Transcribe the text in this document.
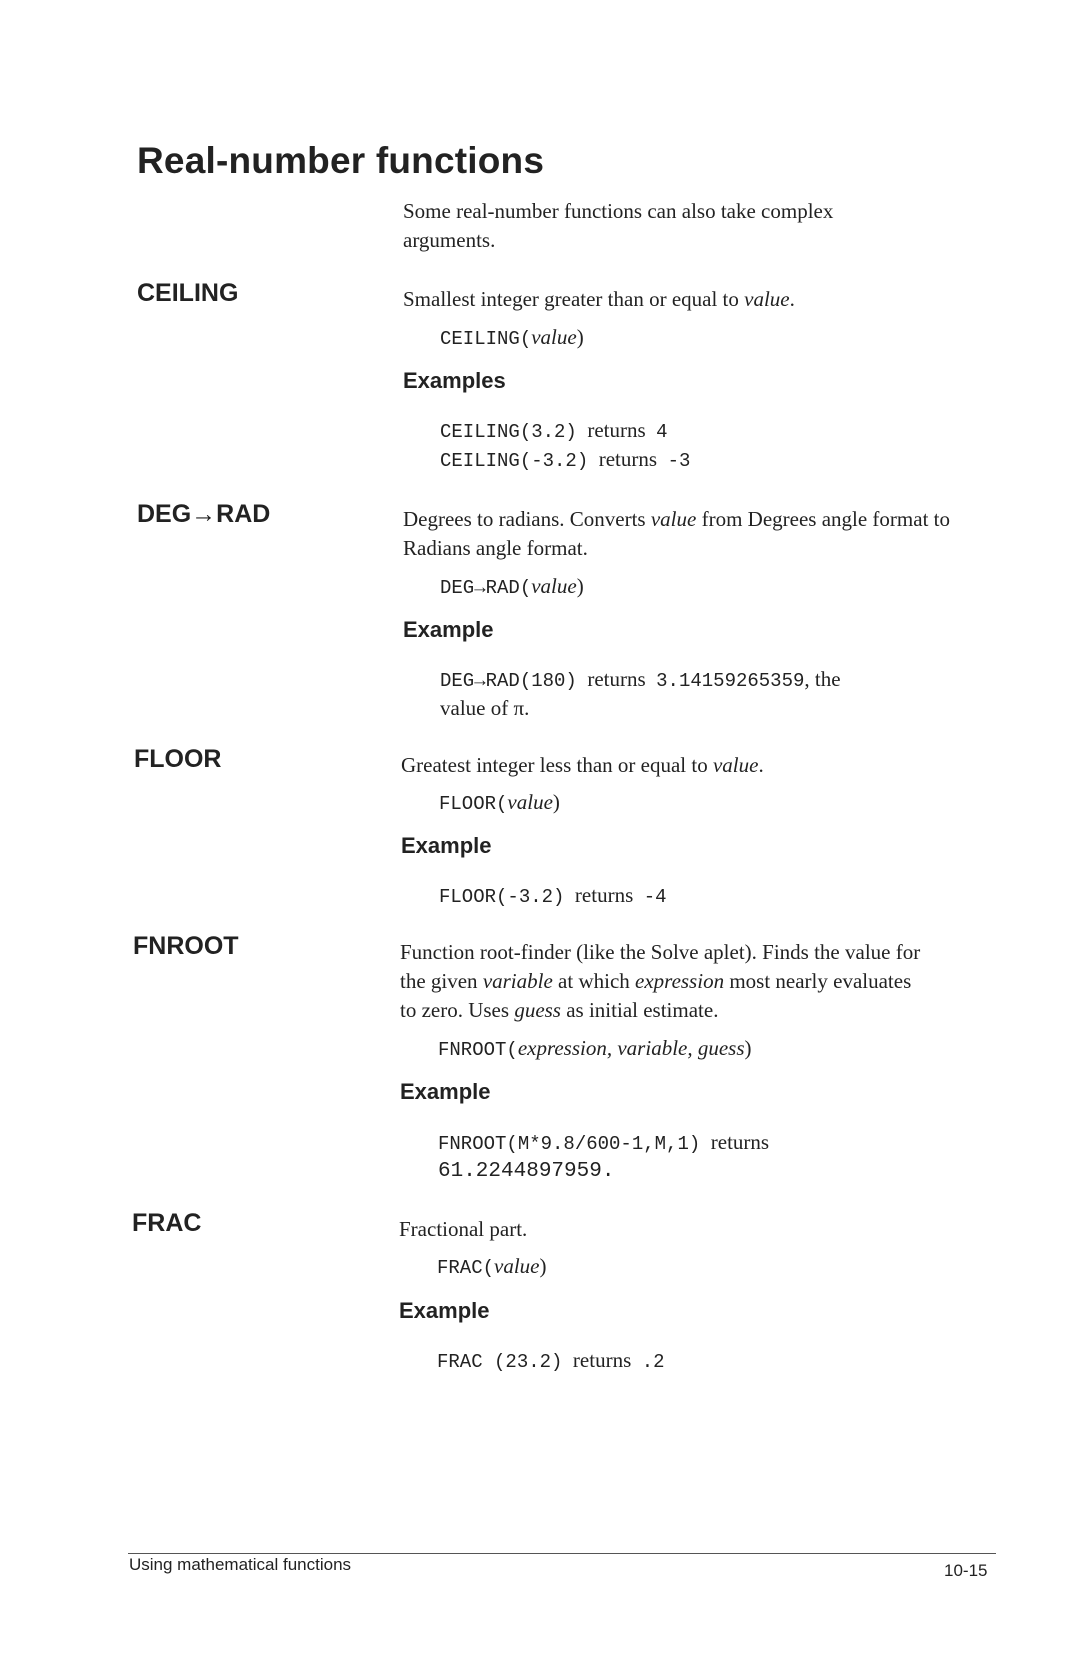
Real-number functions

Some real-number functions can also take complex arguments.

CEILING	Smallest integer greater than or equal to value.

CEILING(value)
Examples
CEILING(3.2) returns 4
CEILING(-3.2) returns -3
DEG→RAD	Degrees to radians. Converts value from Degrees angle format to Radians angle format.

DEG→RAD(value)
Example
DEG→RAD(180) returns 3.14159265359, the
value of π.
FLOOR	Greatest integer less than or equal to value.

FLOOR(value)
Example
FLOOR(-3.2) returns -4
FNROOT	Function root-finder (like the Solve aplet). Finds the value for
the given variable at which expression most nearly evaluates
to zero. Uses guess as initial estimate.
FNROOT(expression, variable, guess)
Example
FNROOT(M*9.8/600-1,M,1) returns
61.2244897959.
FRAC	Fractional part.

FRAC(value)
Example
FRAC (23.2) returns .2
Using mathematical functions	10-15
